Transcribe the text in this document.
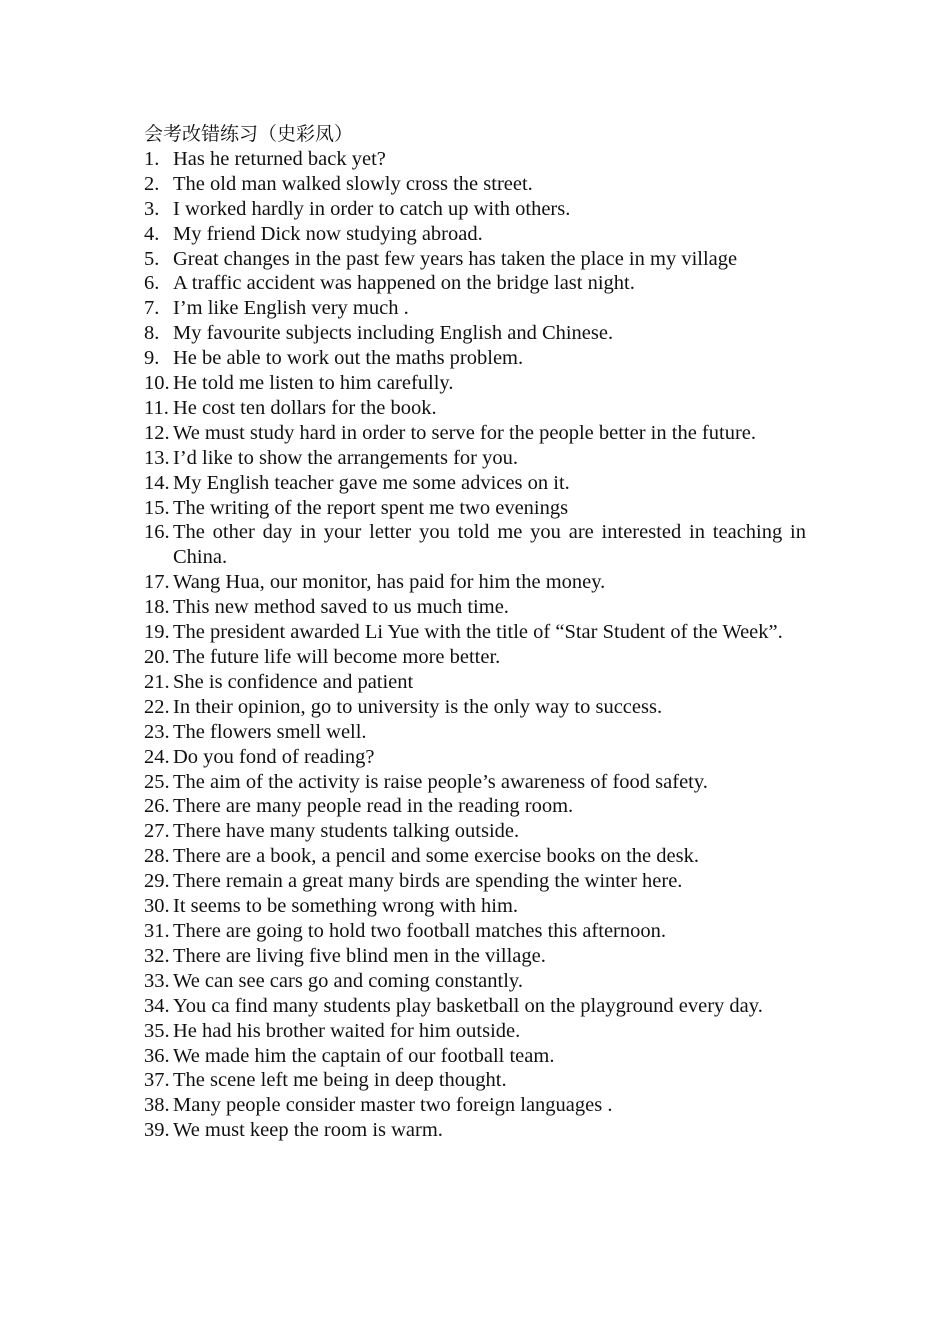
会考改错练习（史彩凤）
1. Has he returned back yet?
2. The old man walked slowly cross the street.
3. I worked hardly in order to catch up with others.
4. My friend Dick now studying abroad.
5. Great changes in the past few years has taken the place in my village
6. A traffic accident was happened on the bridge last night.
7. I’m like English very much .
8. My favourite subjects including English and Chinese.
9. He be able to work out the maths problem.
10. He told me listen to him carefully.
11. He cost ten dollars for the book.
12. We must study hard in order to serve for the people better in the future.
13. I’d like to show the arrangements for you.
14. My English teacher gave me some advices on it.
15. The writing of the report spent me two evenings
16. The other day in your letter you told me you are interested in teaching in China.
17. Wang Hua, our monitor, has paid for him the money.
18. This new method saved to us much time.
19. The president awarded Li Yue with the title of “Star Student of the Week”.
20. The future life will become more better.
21. She is confidence and patient
22. In their opinion, go to university is the only way to success.
23. The flowers smell well.
24. Do you fond of reading?
25. The aim of the activity is raise people’s awareness of food safety.
26. There are many people read in the reading room.
27. There have many students talking outside.
28. There are a book, a pencil and some exercise books on the desk.
29. There remain a great many birds are spending the winter here.
30. It seems to be something wrong with him.
31. There are going to hold two football matches this afternoon.
32. There are living five blind men in the village.
33. We can see cars go and coming constantly.
34. You ca find many students play basketball on the playground every day.
35. He had his brother waited for him outside.
36. We made him the captain of our football team.
37. The scene left me being in deep thought.
38. Many people consider master two foreign languages .
39. We must keep the room is warm.
